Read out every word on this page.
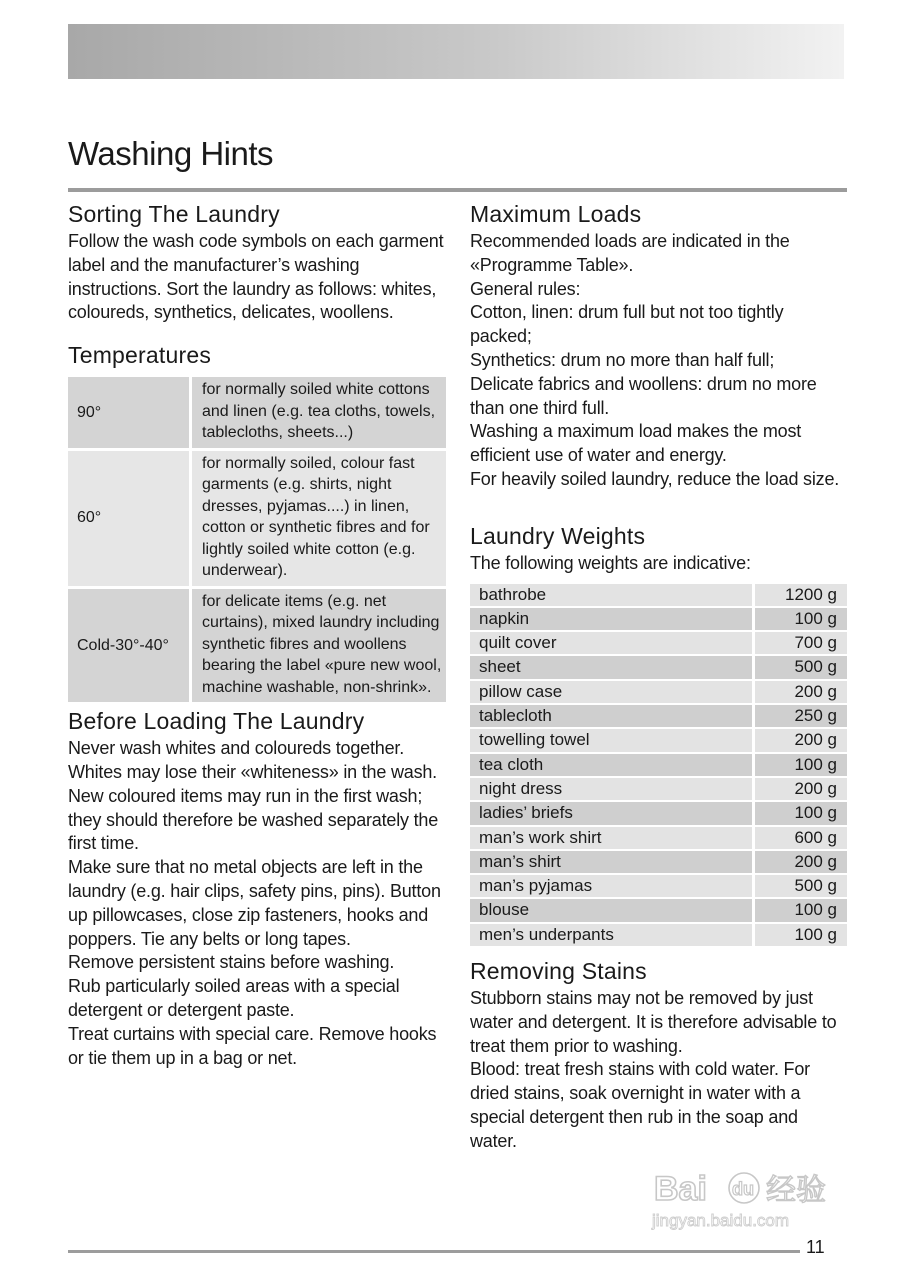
Washing Hints
Sorting The Laundry

Follow the wash code symbols on each garment label and the manufacturer’s washing instructions. Sort the laundry as follows: whites, coloureds, synthetics, delicates, woollens.

Temperatures
90°	for normally soiled white cottons and linen (e.g. tea cloths, towels, tablecloths, sheets...)
60°	for normally soiled, colour fast garments (e.g. shirts, night dresses, pyjamas....) in linen, cotton or synthetic fibres and for lightly soiled white cotton (e.g. underwear).
Cold-30°-40°	for delicate items (e.g. net curtains), mixed laundry including synthetic fibres and woollens bearing the label «pure new wool, machine washable, non-shrink».
Before Loading The Laundry

Never wash whites and coloureds together. Whites may lose their «whiteness» in the wash.

New coloured items may run in the first wash; they should therefore be washed separately the first time.

Make sure that no metal objects are left in the laundry (e.g. hair clips, safety pins, pins). Button up pillowcases, close zip fasteners, hooks and poppers. Tie any belts or long tapes.

Remove persistent stains before washing.

Rub particularly soiled areas with a special detergent or detergent paste.

Treat curtains with special care. Remove hooks or tie them up in a bag or net.

Maximum Loads

Recommended loads are indicated in the «Programme Table».

General rules:

Cotton, linen: drum full but not too tightly packed;

Synthetics: drum no more than half full;

Delicate fabrics and woollens: drum no more than one third full.

Washing a maximum load makes the most efficient use of water and energy.

For heavily soiled laundry, reduce the load size.

Laundry Weights

The following weights are indicative:

bathrobe	1200 g
napkin	100 g
quilt cover	700 g
sheet	500 g
pillow case	200 g
tablecloth	250 g
towelling towel	200 g
tea cloth	100 g
night dress	200 g
ladies’ briefs	100 g
man’s work shirt	600 g
man’s shirt	200 g
man’s pyjamas	500 g
blouse	100 g
men’s underpants	100 g
Removing Stains

Stubborn stains may not be removed by just water and detergent. It is therefore advisable to treat them prior to washing.

Blood: treat fresh stains with cold water. For dried stains, soak overnight in water with a special detergent then rub in the soap and water.

Bai du 经验
jingyan.baidu.com
11
